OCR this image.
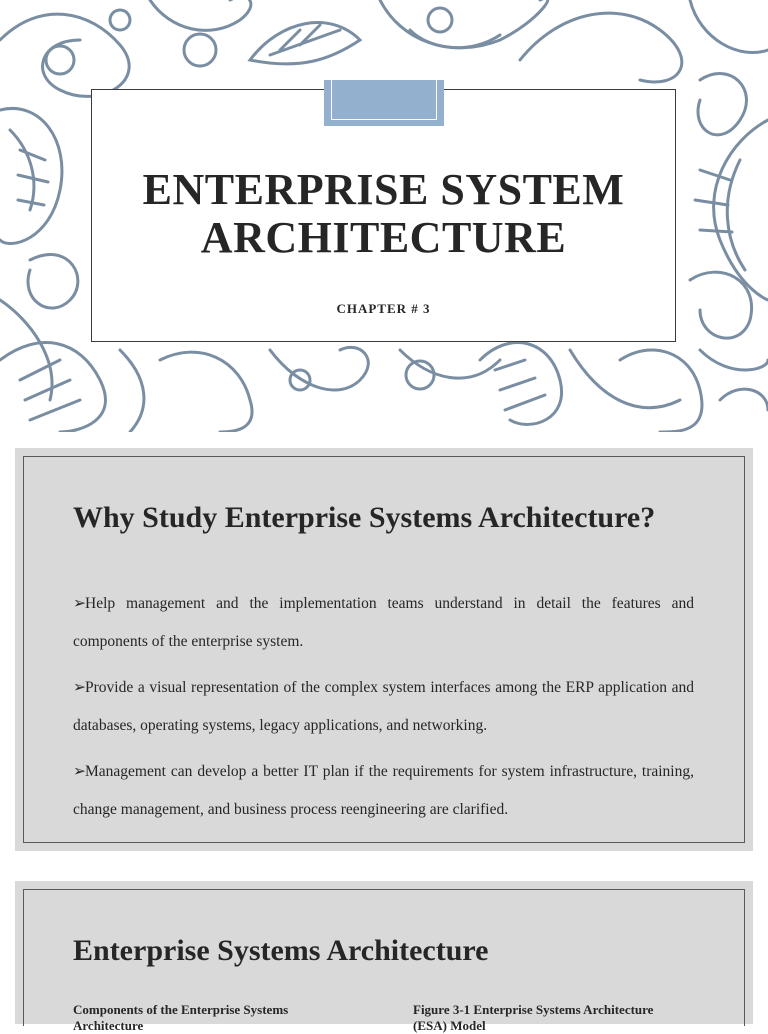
ENTERPRISE SYSTEM
ARCHITECTURE

CHAPTER # 3

Why Study Enterprise Systems Architecture?
➢Help management and the implementation teams understand in detail the features and components of the enterprise system.
➢Provide a visual representation of the complex system interfaces among the ERP application and databases, operating systems, legacy applications, and networking.
➢Management can develop a better IT plan if the requirements for system infrastructure, training, change management, and business process reengineering are clarified.
Enterprise Systems Architecture

Components of the Enterprise Systems Architecture

Figure 3-1 Enterprise Systems Architecture (ESA) Model
